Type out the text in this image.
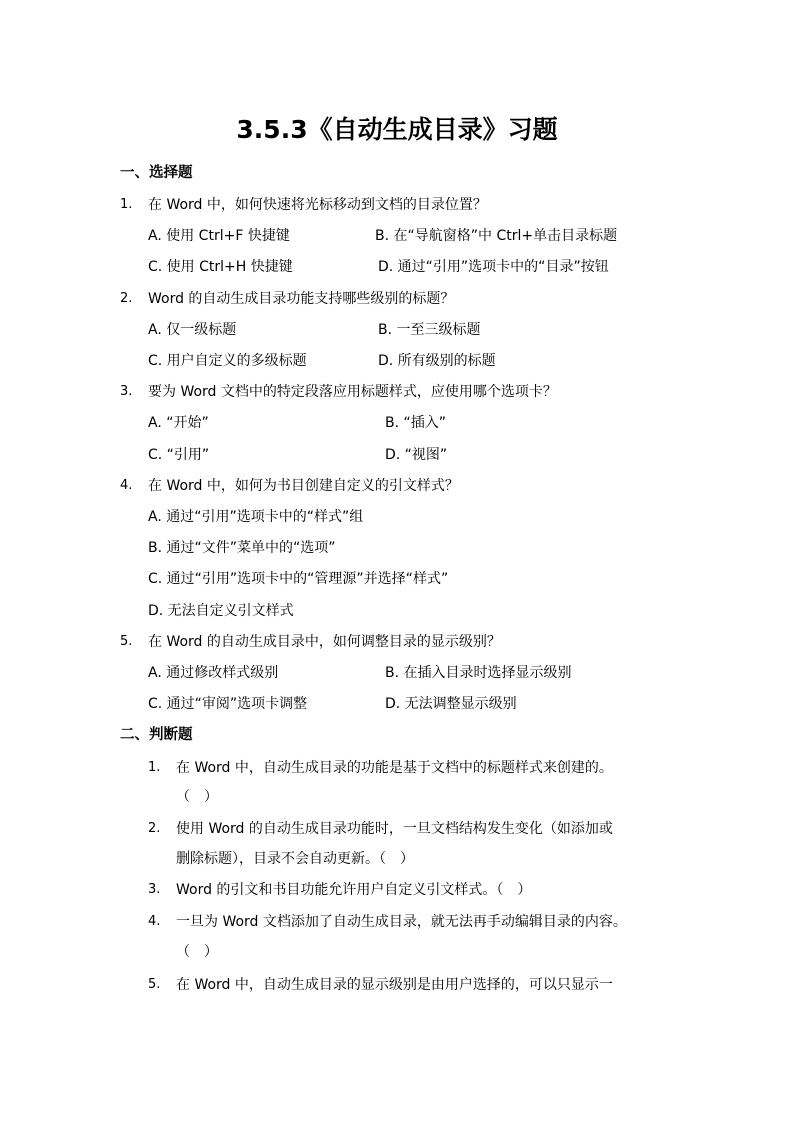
3.5.3《自动生成目录》习题
一、选择题
1. 在 Word 中，如何快速将光标移动到文档的目录位置？
A. 使用 Ctrl+F 快捷键	B. 在“导航窗格”中 Ctrl+单击目录标题
C. 使用 Ctrl+H 快捷键	D. 通过“引用”选项卡中的“目录”按钮
2. Word 的自动生成目录功能支持哪些级别的标题？
A. 仅一级标题	B. 一至三级标题
C. 用户自定义的多级标题	D. 所有级别的标题
3. 要为 Word 文档中的特定段落应用标题样式，应使用哪个选项卡？
A. “开始”	B. “插入”
C. “引用”	D. “视图”
4. 在 Word 中，如何为书目创建自定义的引文样式？
A. 通过“引用”选项卡中的“样式”组
B. 通过“文件”菜单中的“选项”
C. 通过“引用”选项卡中的“管理源”并选择“样式”
D. 无法自定义引文样式
5. 在 Word 的自动生成目录中，如何调整目录的显示级别？
A. 通过修改样式级别	B. 在插入目录时选择显示级别
C. 通过“审阅”选项卡调整	D. 无法调整显示级别
二、判断题
1. 在 Word 中，自动生成目录的功能是基于文档中的标题样式来创建的。
（　）
2. 使用 Word 的自动生成目录功能时，一旦文档结构发生变化（如添加或
删除标题），目录不会自动更新。（　）
3. Word 的引文和书目功能允许用户自定义引文样式。（　）
4. 一旦为 Word 文档添加了自动生成目录，就无法再手动编辑目录的内容。
（　）
5. 在 Word 中，自动生成目录的显示级别是由用户选择的，可以只显示一
